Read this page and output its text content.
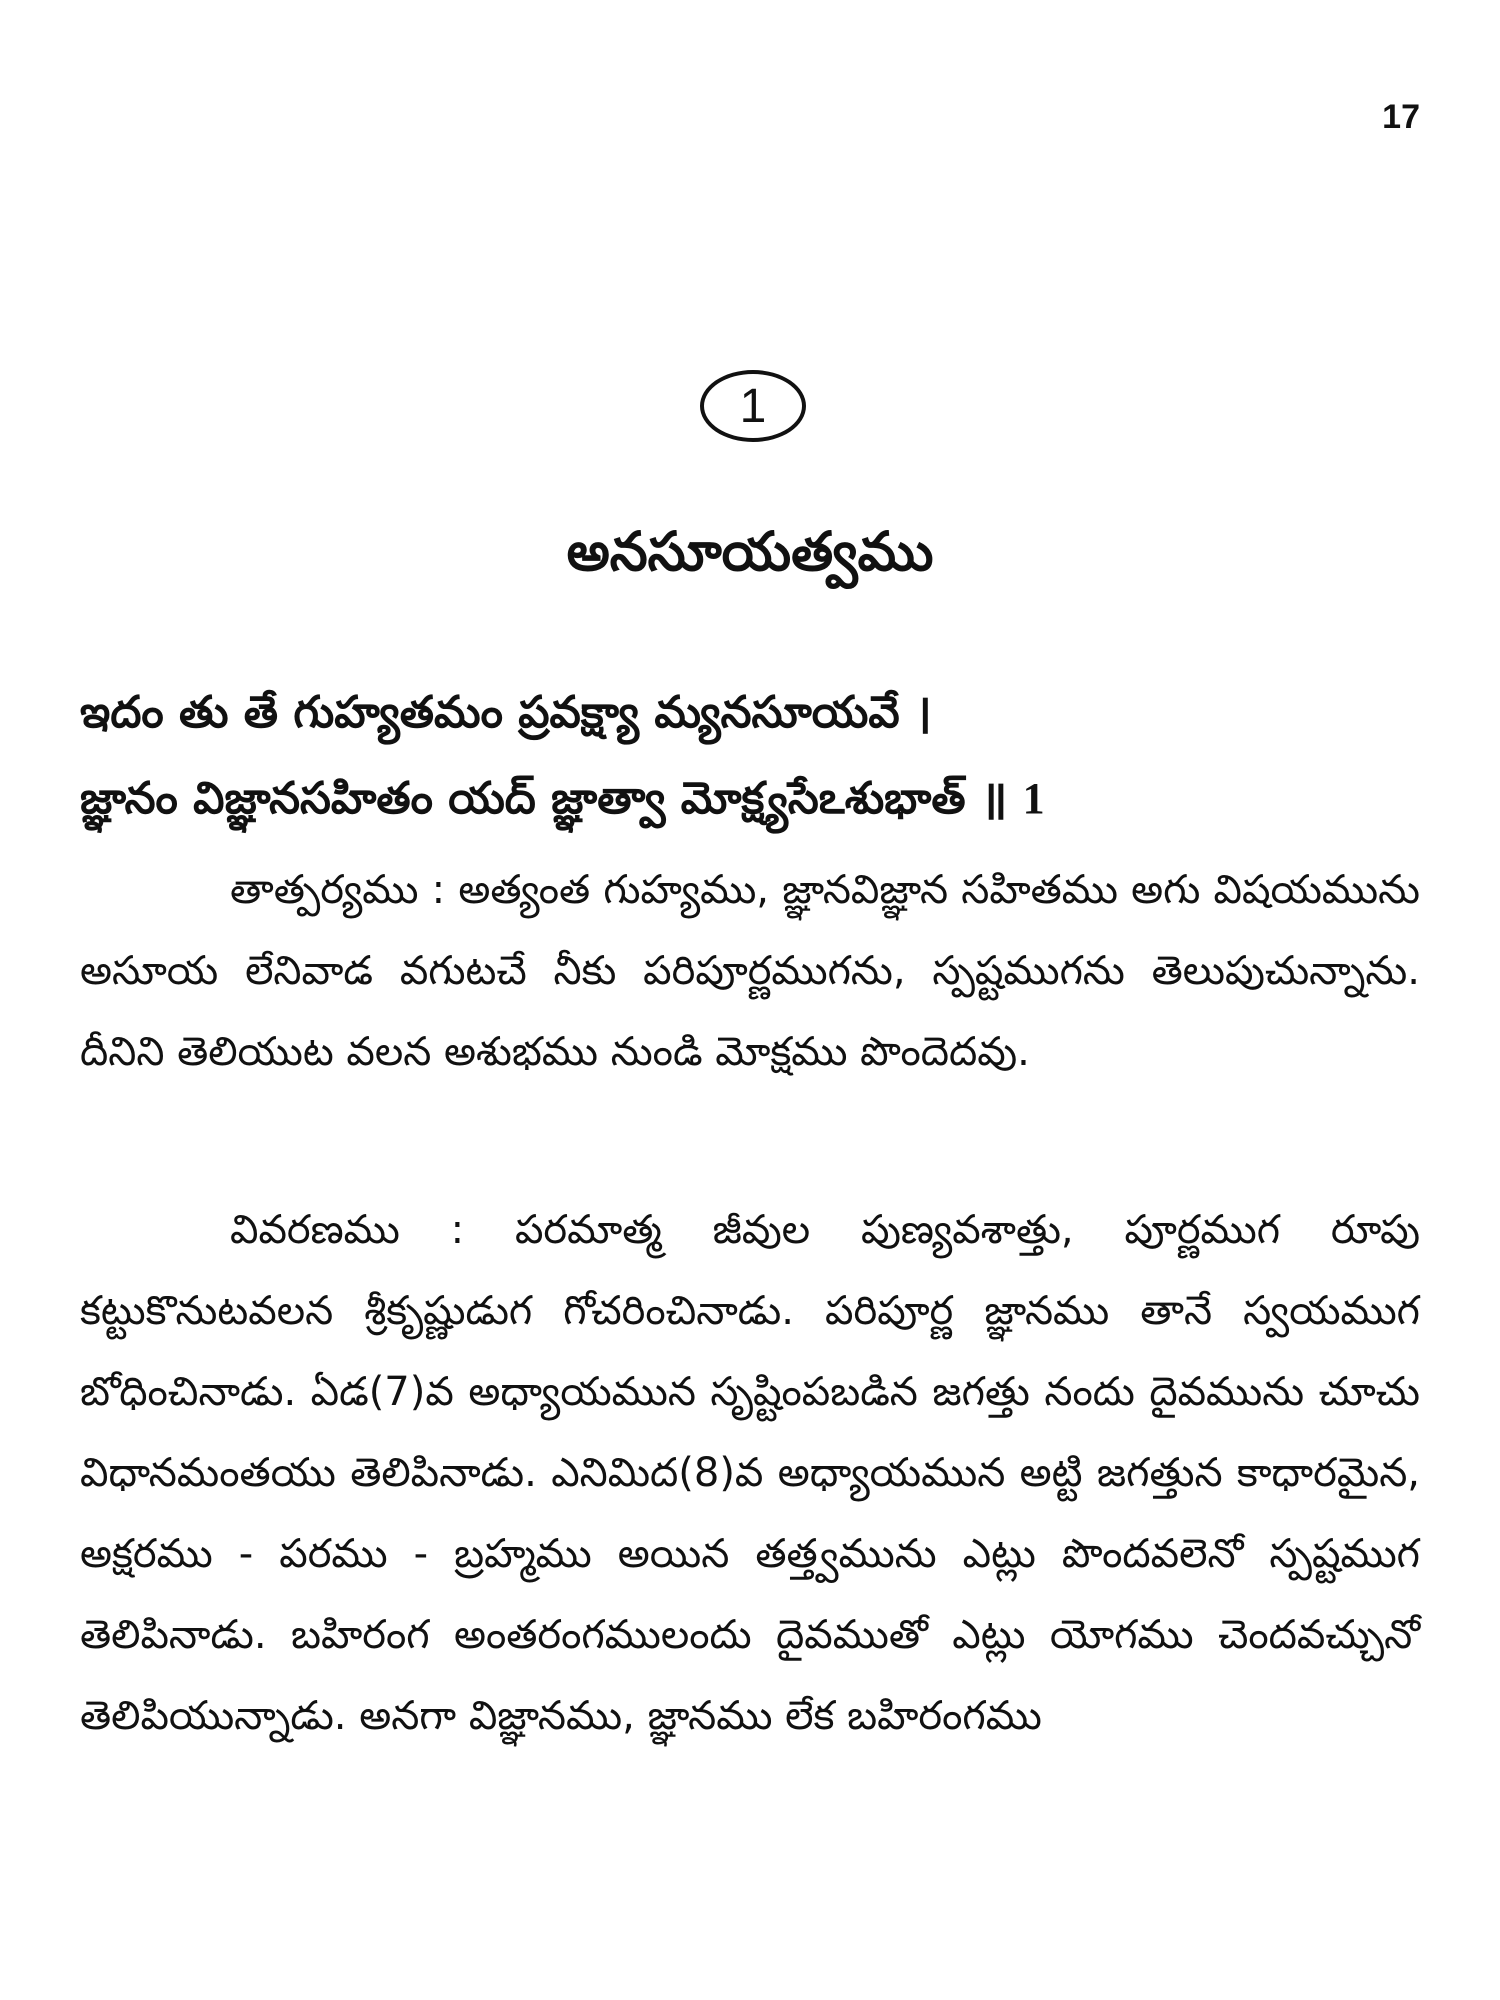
17
1
అనసూయత్వము
ఇదం తు తే గుహ్యతమం ప్రవక్ష్యా మ్యనసూయవే ।
జ్ఞానం విజ్ఞానసహితం యద్ జ్ఞాత్వా మోక్ష్యసేఽశుభాత్ ॥ 1

తాత్పర్యము : అత్యంత గుహ్యము, జ్ఞానవిజ్ఞాన సహితము అగు విషయమును అసూయ లేనివాడ వగుటచే నీకు పరిపూర్ణముగను, స్పష్టముగను తెలుపుచున్నాను. దీనిని తెలియుట వలన అశుభము నుండి మోక్షము పొందెదవు.

వివరణము : పరమాత్మ జీవుల పుణ్యవశాత్తు, పూర్ణముగ రూపు కట్టుకొనుటవలన శ్రీకృష్ణుడుగ గోచరించినాడు. పరిపూర్ణ జ్ఞానము తానే స్వయముగ బోధించినాడు. ఏడ(7)వ అధ్యాయమున సృష్టింపబడిన జగత్తు నందు దైవమును చూచు విధానమంతయు తెలిపినాడు. ఎనిమిద(8)వ అధ్యాయమున అట్టి జగత్తున కాధారమైన, అక్షరము - పరము - బ్రహ్మము అయిన తత్త్వమును ఎట్లు పొందవలెనో స్పష్టముగ తెలిపినాడు. బహిరంగ అంతరంగములందు దైవముతో ఎట్లు యోగము చెందవచ్చునో తెలిపియున్నాడు. అనగా విజ్ఞానము, జ్ఞానము లేక బహిరంగము
